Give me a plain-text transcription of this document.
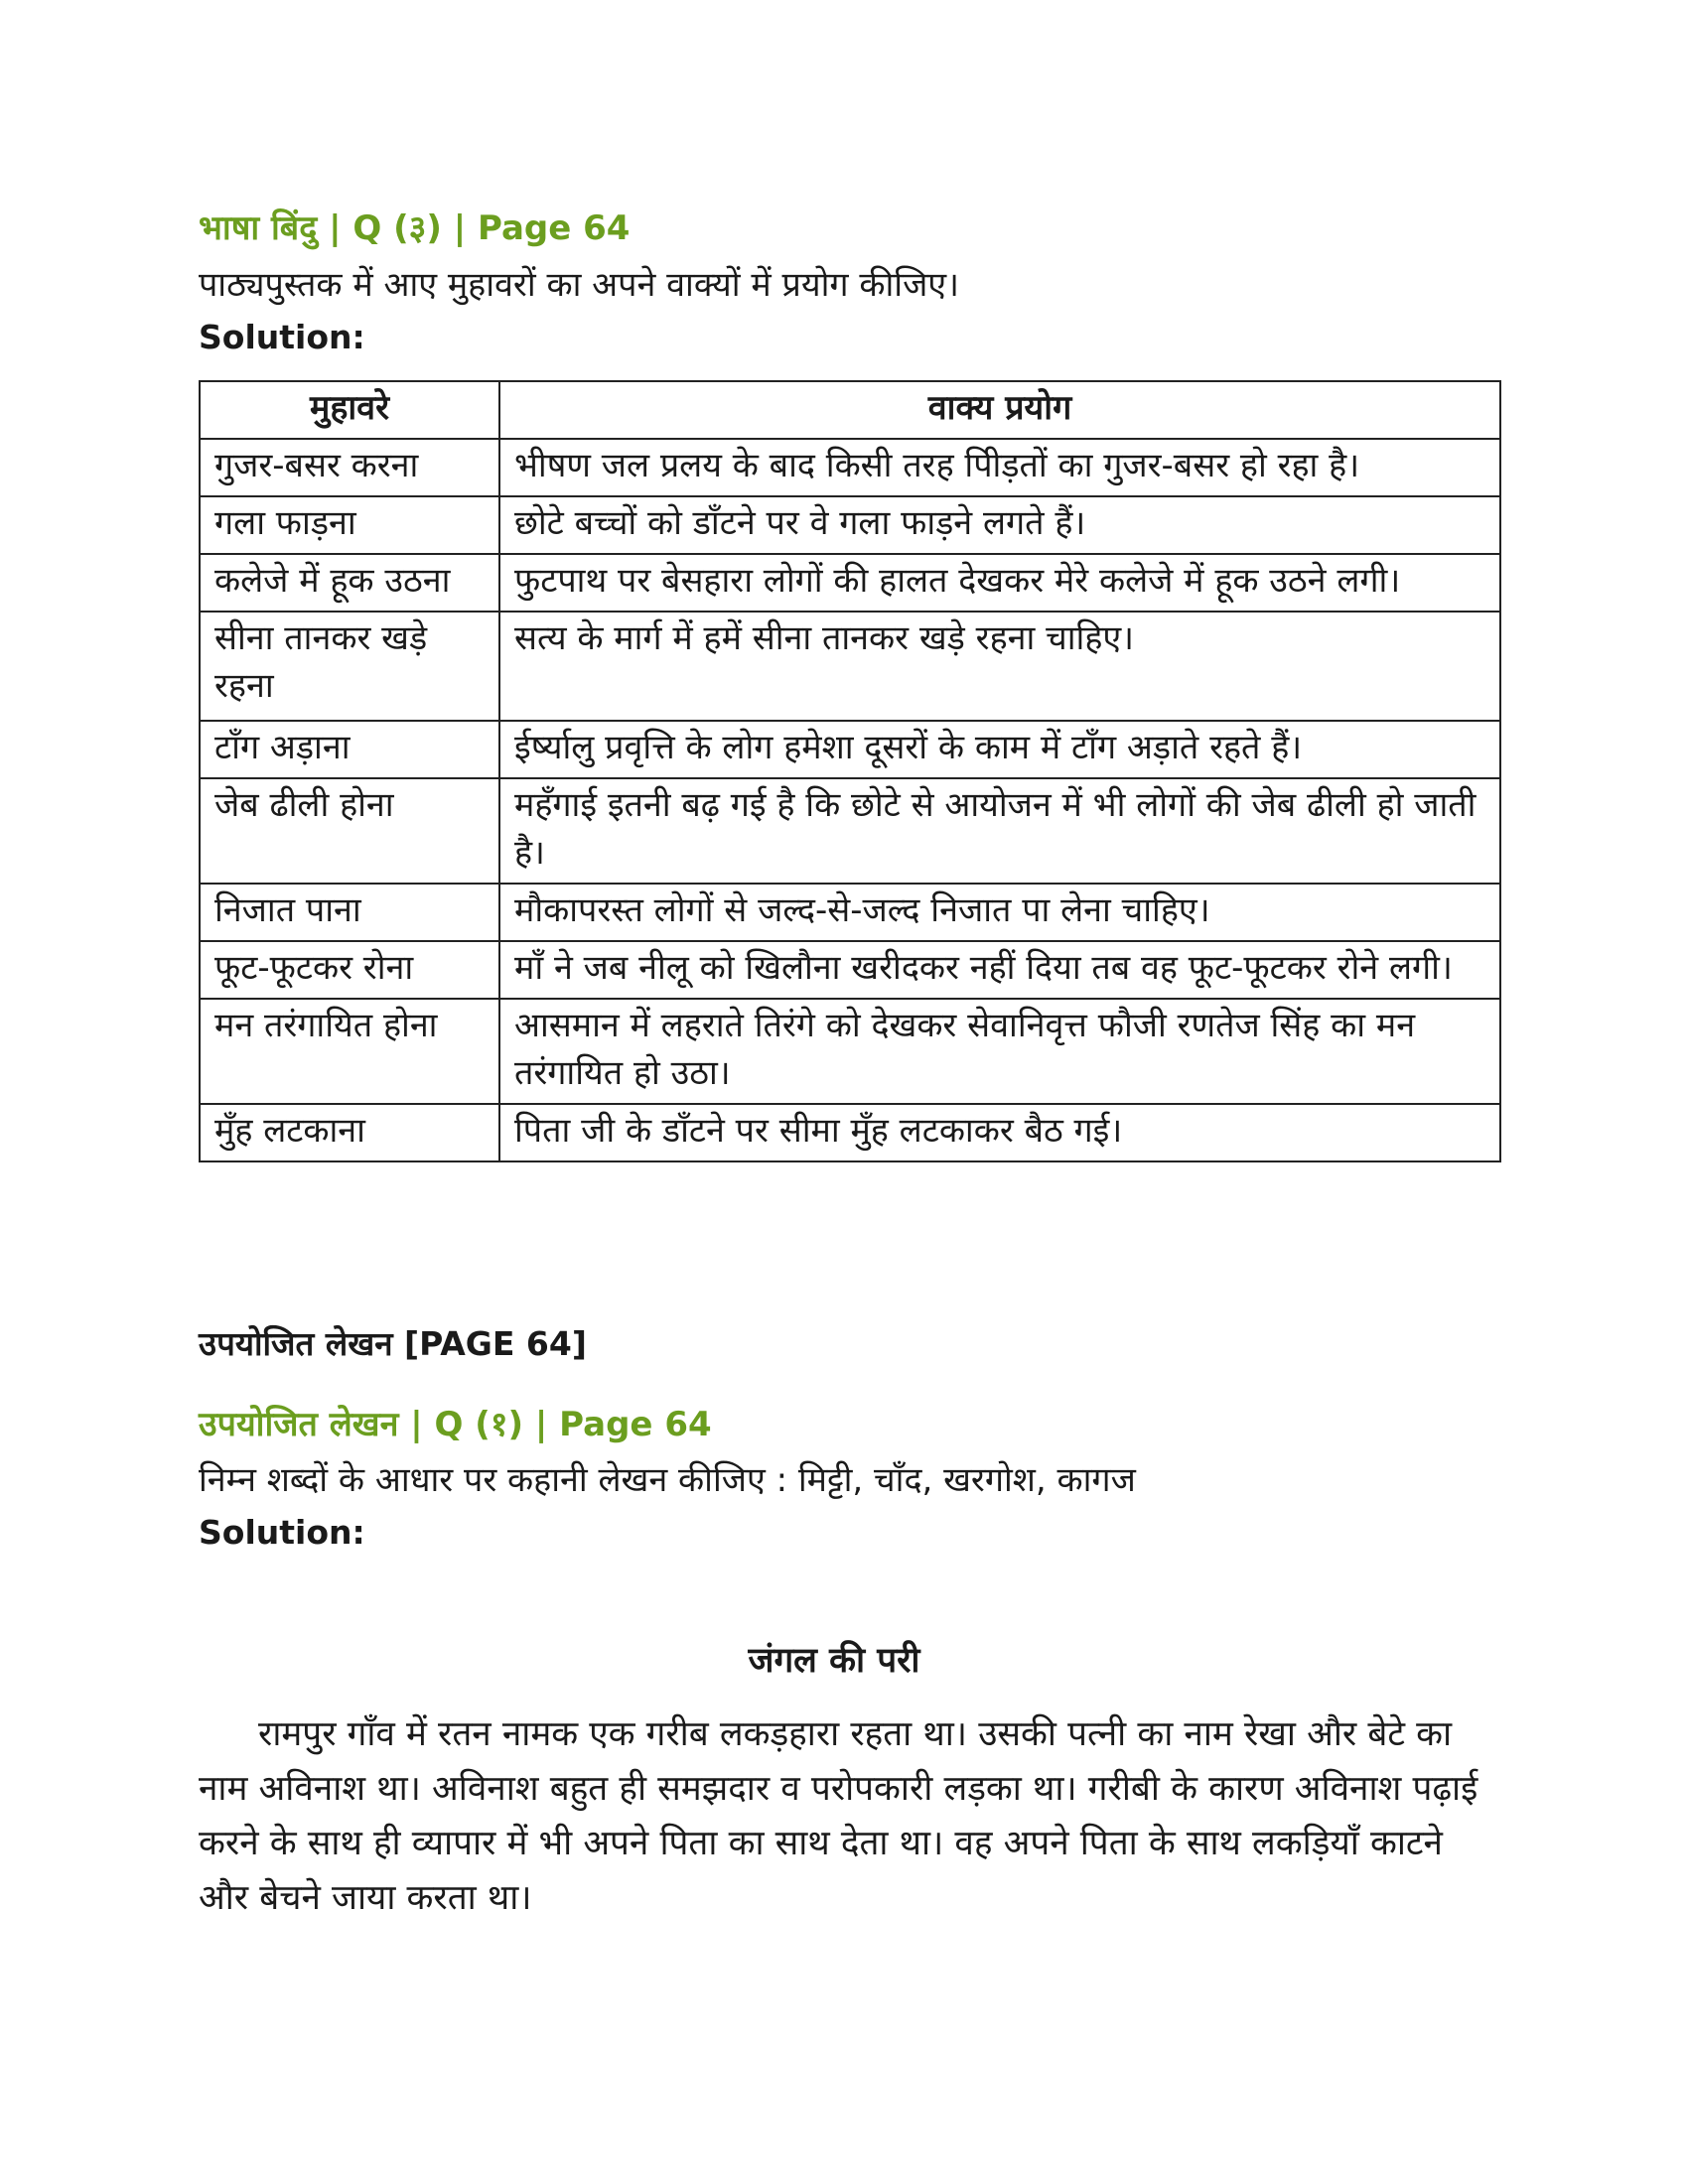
भाषा बिंदु | Q (३) | Page 64
पाठ्यपुस्तक में आए मुहावरों का अपने वाक्यों में प्रयोग कीजिए।
Solution:
मुहावरे	वाक्य प्रयोग
गुजर-बसर करना	भीषण जल प्रलय के बाद किसी तरह पीिड़तों का गुजर-बसर हो रहा है।
गला फाड़ना	छोटे बच्चों को डाँटने पर वे गला फाड़ने लगते हैं।
कलेजे में हूक उठना	फुटपाथ पर बेसहारा लोगों की हालत देखकर मेरे कलेजे में हूक उठने लगी।
सीना तानकर खड़े रहना	सत्य के मार्ग में हमें सीना तानकर खड़े रहना चाहिए।
टाँग अड़ाना	ईर्ष्यालु प्रवृत्ति के लोग हमेशा दूसरों के काम में टाँग अड़ाते रहते हैं।
जेब ढीली होना	महँगाई इतनी बढ़ गई है कि छोटे से आयोजन में भी लोगों की जेब ढीली हो जाती है।
निजात पाना	मौकापरस्त लोगों से जल्द-से-जल्द निजात पा लेना चाहिए।
फूट-फूटकर रोना	माँ ने जब नीलू को खिलौना खरीदकर नहीं दिया तब वह फूट-फूटकर रोने लगी।
मन तरंगायित होना	आसमान में लहराते तिरंगे को देखकर सेवानिवृत्त फौजी रणतेज सिंह का मन तरंगायित हो उठा।
मुँह लटकाना	पिता जी के डाँटने पर सीमा मुँह लटकाकर बैठ गई।
उपयोजित लेखन [PAGE 64]
उपयोजित लेखन | Q (१) | Page 64
निम्न शब्दों के आधार पर कहानी लेखन कीजिए : मिट्टी, चाँद, खरगोश, कागज
Solution:
जंगल की परी
रामपुर गाँव में रतन नामक एक गरीब लकड़हारा रहता था। उसकी पत्नी का नाम रेखा और बेटे का नाम अविनाश था। अविनाश बहुत ही समझदार व परोपकारी लड़का था। गरीबी के कारण अविनाश पढ़ाई करने के साथ ही व्यापार में भी अपने पिता का साथ देता था। वह अपने पिता के साथ लकड़ियाँ काटने और बेचने जाया करता था।
